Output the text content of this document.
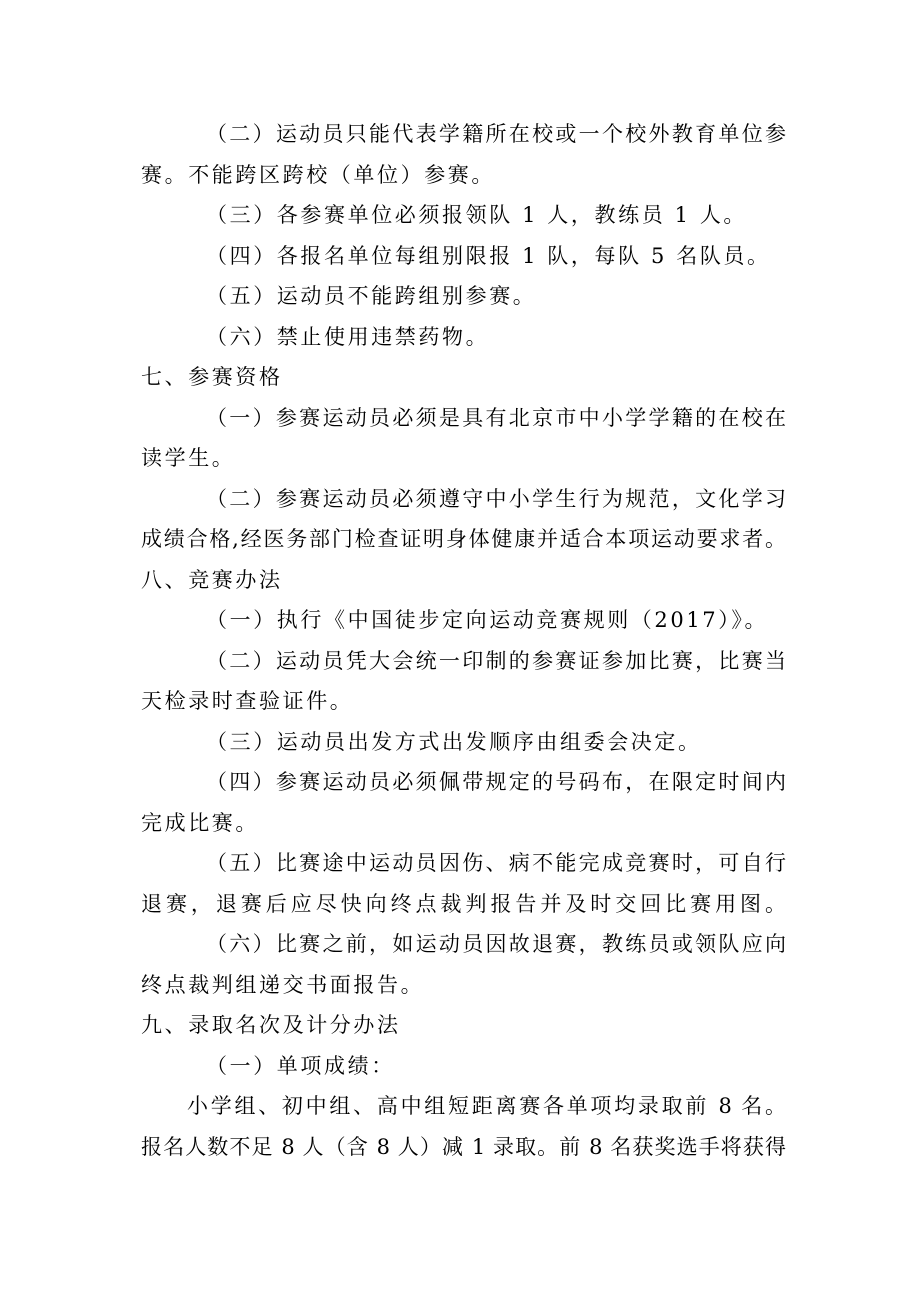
（二）运动员只能代表学籍所在校或一个校外教育单位参
赛。不能跨区跨校（单位）参赛。
（三）各参赛单位必须报领队 1 人，教练员 1 人。
（四）各报名单位每组别限报 1 队，每队 5 名队员。
（五）运动员不能跨组别参赛。
（六）禁止使用违禁药物。
七、参赛资格
（一）参赛运动员必须是具有北京市中小学学籍的在校在
读学生。
（二）参赛运动员必须遵守中小学生行为规范，文化学习
成绩合格,经医务部门检查证明身体健康并适合本项运动要求者。
八、竞赛办法
（一）执行《中国徒步定向运动竞赛规则（2017）》。
（二）运动员凭大会统一印制的参赛证参加比赛，比赛当
天检录时查验证件。
（三）运动员出发方式出发顺序由组委会决定。
（四）参赛运动员必须佩带规定的号码布，在限定时间内
完成比赛。
（五）比赛途中运动员因伤、病不能完成竞赛时，可自行
退赛，退赛后应尽快向终点裁判报告并及时交回比赛用图。
（六）比赛之前，如运动员因故退赛，教练员或领队应向
终点裁判组递交书面报告。
九、录取名次及计分办法
（一）单项成绩：
小学组、初中组、高中组短距离赛各单项均录取前 8 名。
报名人数不足 8 人（含 8 人）减 1 录取。前 8 名获奖选手将获得
